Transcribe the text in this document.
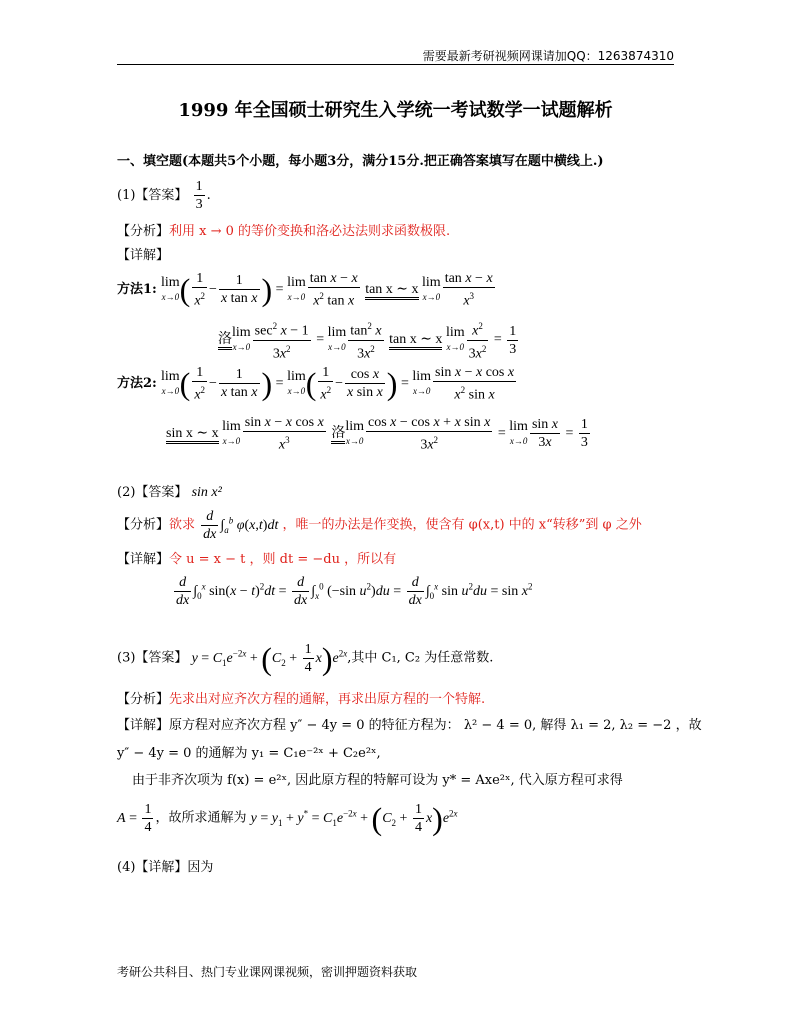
需要最新考研视频网课请加QQ：1263874310
1999 年全国硕士研究生入学统一考试数学一试题解析
一、填空题(本题共5个小题，每小题3分，满分15分.把正确答案填写在题中横线上.)
(1)【答案】 $\frac{1}{3}$ .
【分析】利用 x → 0 的等价变换和洛必达法则求函数极限.
【详解】
方法1: lim
x→0 ( $\frac{1}{x^2} - \frac{1}{\text{x tan x}}$ ) = lim
$x\to 0 \frac{\text{tan x − x}}{x^2 \tan x}$ tan x ∼ x lim
$x\to 0 \frac{\text{tan x − x}}{x^3}$
洛lim
$x\to 0 \frac{\sec^2 x - 1}{3x^2} = \lim$
$x\to 0 \frac{\tan^2 x}{3x^2}$ tan x ∼ x lim
$x\to 0 \frac{x^2}{3x^2} = \frac{1}{3}$
方法2: lim
x→0 ( $\frac{1}{x^2} - \frac{1}{\text{x tan x}}$ ) = lim
x→0 ( $\frac{1}{x^2} - \frac{\text{cos x}}{\text{x sin x}}$ ) = lim
$x\to 0 \frac{\text{sin x − x cos x}}{x^2 \sin x}$
sin x ∼ x lim
$x\to 0 \frac{\text{sin x − x cos x}}{x^3}$ 洛lim
$x\to 0 \frac{\text{cos x − cos x + x sin x}}{3x^2} = \lim$
$x\to 0 \frac{\text{sin x}}{3x} = \frac{1}{3}$
(2)【答案】 sin x²
【分析】欲求 $\frac{d}{dx} \int_a^b$ φ(x,t)dt ，唯一的办法是作变换，使含有 φ(x,t) 中的 x“转移”到 φ 之外
【详解】令 u = x − t ，则 dt = −du ，所以有
$\frac{d}{dx} \int_0^x$ $\sin(x - t)^2dt = \frac{d}{dx} \int_x^0$ (−sin $u^2)du = \frac{d}{dx} \int_0^x$ $\sin u^2du = \sin x^2$
(3)【答案】 $y = C_1e^{-2x} + (C_2 + \frac{1}{4} x)e^{2x}$,其中 C₁, C₂ 为任意常数.
【分析】先求出对应齐次方程的通解，再求出原方程的一个特解.
【详解】原方程对应齐次方程 y″ − 4y = 0 的特征方程为： λ² − 4 = 0, 解得 λ₁ = 2, λ₂ = −2 ，故
y″ − 4y = 0 的通解为 y₁ = C₁e⁻²ˣ + C₂e²ˣ,
由于非齐次项为 f(x) = e²ˣ, 因此原方程的特解可设为 y* = Axe²ˣ, 代入原方程可求得
$A = \frac{1}{4}$ ，故所求通解为 $y = y_1 + y^* = C_1e^{-2x} + (C_2 + \frac{1}{4} x)e^{2x}$
(4)【详解】因为
考研公共科目、热门专业课网课视频，密训押题资料获取
